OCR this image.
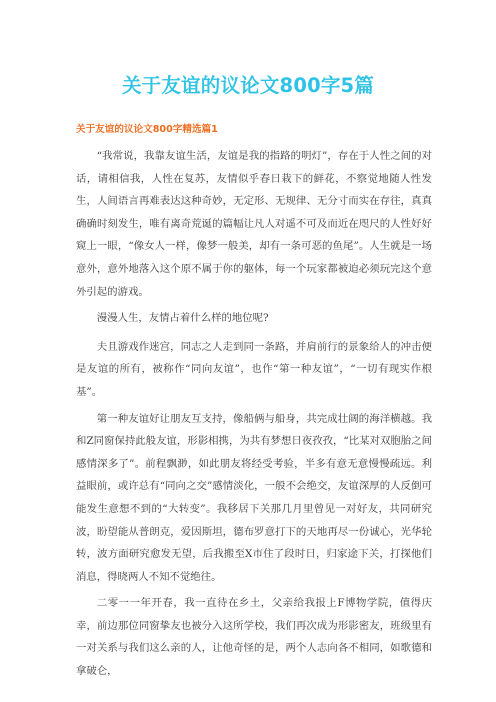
关于友谊的议论文800字5篇
关于友谊的议论文800字精选篇1

“我常说，我靠友谊生活，友谊是我的指路的明灯”，存在于人性之间的对话，请相信我，人性在复苏，友情似乎春日栽下的鲜花，不察觉地随人性发生，人间语言再难表达这种奇妙，无定形、无规律、无分寸而实在存往，真真确确时刻发生，唯有离奇荒诞的篇幅让凡人对遥不可及而近在咫尺的人性好好窥上一眼，“像女人一样，像梦一般美，却有一条可恶的鱼尾”。人生就是一场意外，意外地落入这个原不属于你的躯体，每一个玩家都被迫必须玩完这个意外引起的游戏。

漫漫人生，友情占着什么样的地位呢?

夫且游戏作迷宫，同志之人走到同一条路，并肩前行的景象给人的冲击便是友谊的所有，被称作“同向友谊”，也作“第一种友谊”，“一切有现实作根基”。

第一种友谊好让朋友互支持，像船俩与船身，共完成壮阔的海洋横越。我和Z同窗保持此般友谊，形影相携，为共有梦想日夜孜孜，“比某对双胞胎之间感情深多了”。前程飘渺，如此朋友将经受考验，半多有意无意慢慢疏远。利益眼前，或许总有“同向之交”感情淡化，一般不会绝交，友谊深厚的人反倒可能发生意想不到的“大转变”。我移居下关那几月里曾见一对好友，共同研究波，盼望能从普朗克，爱因斯坦，德布罗意打下的天地再尽一份诚心，光华轮转，波方面研究愈发无望，后我搬至X市住了段时日，归家途下关，打探他们消息，得晓两人不知不觉绝往。

二零一一年开春，我一直待在乡土，父亲给我报上F博物学院，值得庆幸，前边那位同窗挚友也被分入这所学校，我们再次成为形影密友，班级里有一对关系与我们这么亲的人，让他奇怪的是，两个人志向各不相同，如歌德和拿破仑，
